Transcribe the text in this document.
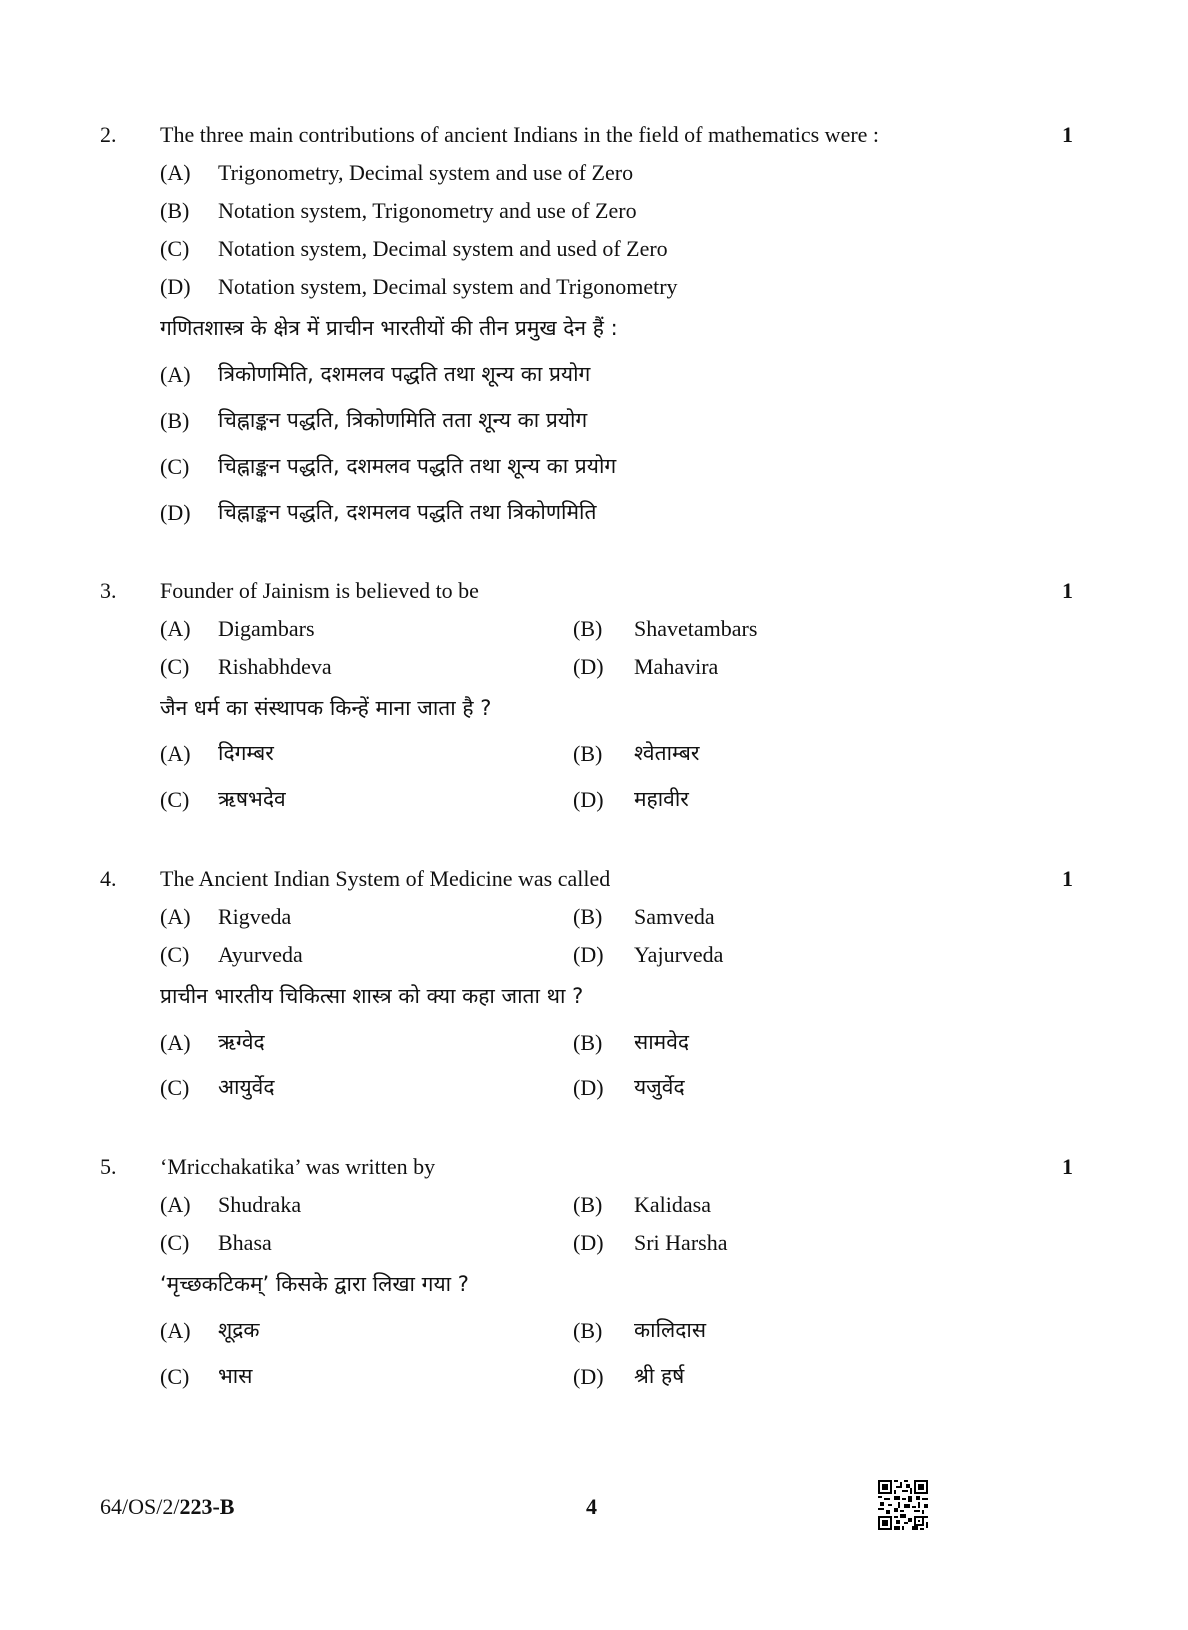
2. The three main contributions of ancient Indians in the field of mathematics were :	1
(A) Trigonometry, Decimal system and use of Zero
(B) Notation system, Trigonometry and use of Zero
(C) Notation system, Decimal system and used of Zero
(D) Notation system, Decimal system and Trigonometry
गणितशास्त्र के क्षेत्र में प्राचीन भारतीयों की तीन प्रमुख देन हैं :
(A) त्रिकोणमिति, दशमलव पद्धति तथा शून्य का प्रयोग
(B) चिह्नाङ्कन पद्धति, त्रिकोणमिति तता शून्य का प्रयोग
(C) चिह्नाङ्कन पद्धति, दशमलव पद्धति तथा शून्य का प्रयोग
(D) चिह्नाङ्कन पद्धति, दशमलव पद्धति तथा त्रिकोणमिति
3. Founder of Jainism is believed to be	1
(A) Digambars	(B) Shavetambars
(C) Rishabhdeva	(D) Mahavira
जैन धर्म का संस्थापक किन्हें माना जाता है ?
(A) दिगम्बर	(B) श्वेताम्बर
(C) ऋषभदेव	(D) महावीर
4. The Ancient Indian System of Medicine was called	1
(A) Rigveda	(B) Samveda
(C) Ayurveda	(D) Yajurveda
प्राचीन भारतीय चिकित्सा शास्त्र को क्या कहा जाता था ?
(A) ऋग्वेद	(B) सामवेद
(C) आयुर्वेद	(D) यजुर्वेद
5. ‘Mricchakatika’ was written by	1
(A) Shudraka	(B) Kalidasa
(C) Bhasa	(D) Sri Harsha
‘मृच्छकटिकम्’ किसके द्वारा लिखा गया ?
(A) शूद्रक	(B) कालिदास
(C) भास	(D) श्री हर्ष
64/OS/2/223-B	4
